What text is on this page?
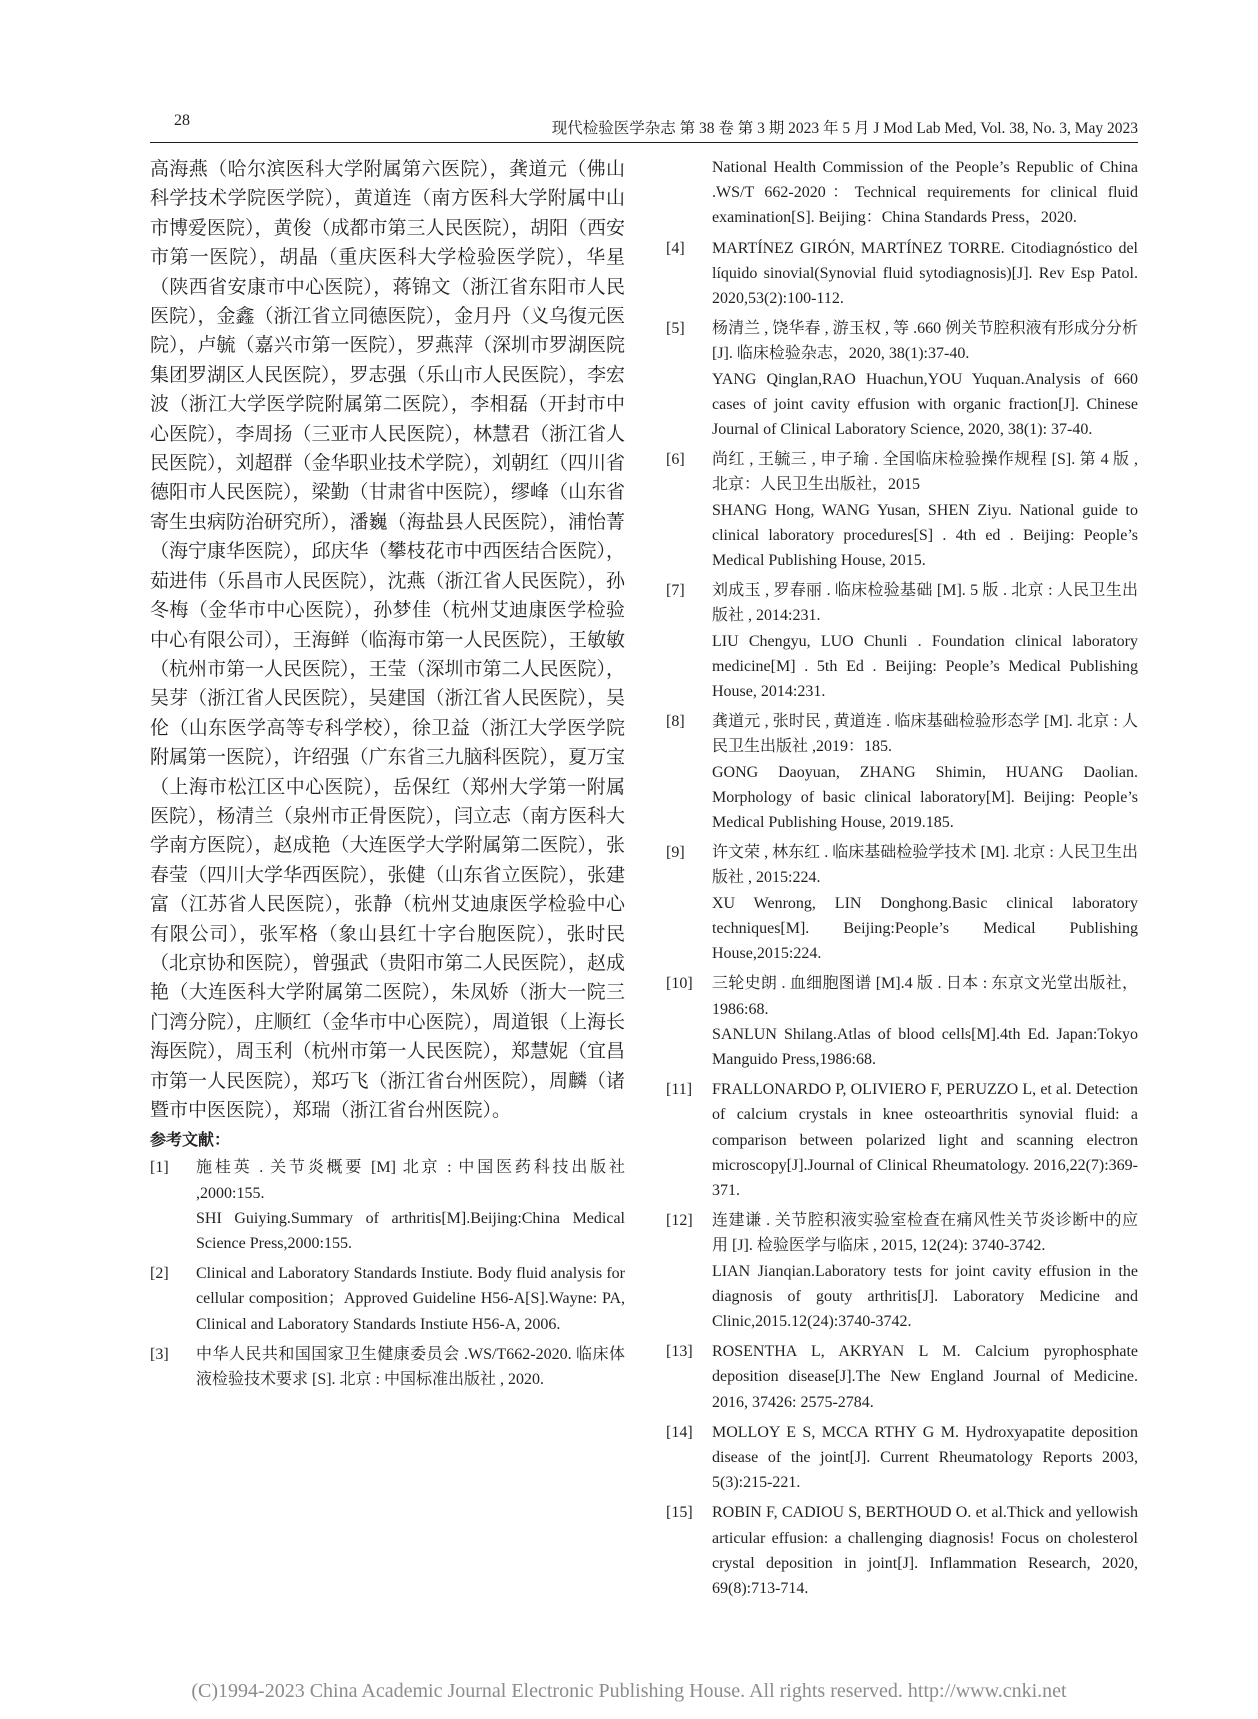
28	现代检验医学杂志 第 38 卷 第 3 期 2023 年 5 月 J Mod Lab Med, Vol. 38, No. 3, May 2023

高海燕（哈尔滨医科大学附属第六医院），龚道元（佛山科学技术学院医学院），黄道连（南方医科大学附属中山市博爱医院），黄俊（成都市第三人民医院），胡阳（西安市第一医院），胡晶（重庆医科大学检验医学院），华星（陕西省安康市中心医院），蒋锦文（浙江省东阳市人民医院），金鑫（浙江省立同德医院），金月丹（义乌復元医院），卢毓（嘉兴市第一医院），罗燕萍（深圳市罗湖医院集团罗湖区人民医院），罗志强（乐山市人民医院），李宏波（浙江大学医学院附属第二医院），李相磊（开封市中心医院），李周扬（三亚市人民医院），林慧君（浙江省人民医院），刘超群（金华职业技术学院），刘朝红（四川省德阳市人民医院），梁勤（甘肃省中医院），缪峰（山东省寄生虫病防治研究所），潘巍（海盐县人民医院），浦怡菁（海宁康华医院），邱庆华（攀枝花市中西医结合医院），茹进伟（乐昌市人民医院），沈燕（浙江省人民医院），孙冬梅（金华市中心医院），孙梦佳（杭州艾迪康医学检验中心有限公司），王海鲜（临海市第一人民医院），王敏敏（杭州市第一人民医院），王莹（深圳市第二人民医院），吴芽（浙江省人民医院），吴建国（浙江省人民医院），吴伦（山东医学高等专科学校），徐卫益（浙江大学医学院附属第一医院），许绍强（广东省三九脑科医院），夏万宝（上海市松江区中心医院），岳保红（郑州大学第一附属医院），杨清兰（泉州市正骨医院），闫立志（南方医科大学南方医院），赵成艳（大连医学大学附属第二医院），张春莹（四川大学华西医院），张健（山东省立医院），张建富（江苏省人民医院），张静（杭州艾迪康医学检验中心有限公司），张军格（象山县红十字台胞医院），张时民（北京协和医院），曾强武（贵阳市第二人民医院），赵成艳（大连医科大学附属第二医院），朱凤娇（浙大一院三门湾分院），庄顺红（金华市中心医院），周道银（上海长海医院），周玉利（杭州市第一人民医院），郑慧妮（宜昌市第一人民医院），郑巧飞（浙江省台州医院），周麟（诸暨市中医医院），郑瑞（浙江省台州医院）。

参考文献：
[1] 施桂英 . 关节炎概要 [M] 北京 : 中国医药科技出版社 ,2000:155.
SHI Guiying.Summary of arthritis[M].Beijing:China Medical Science Press,2000:155.
[2] Clinical and Laboratory Standards Instiute. Body fluid analysis for cellular composition；Approved Guideline H56-A[S].Wayne: PA, Clinical and Laboratory Standards Instiute H56-A, 2006.
[3] 中华人民共和国国家卫生健康委员会 .WS/T662-2020. 临床体液检验技术要求 [S]. 北京 : 中国标准出版社 , 2020.
National Health Commission of the People’s Republic of China .WS/T 662-2020：Technical requirements for clinical fluid examination[S]. Beijing：China Standards Press，2020.
[4] MARTÍNEZ GIRÓN, MARTÍNEZ TORRE. Citodiagnóstico del líquido sinovial(Synovial fluid sytodiagnosis)[J]. Rev Esp Patol. 2020,53(2):100-112.
[5] 杨清兰 , 饶华春 , 游玉权 , 等 .660 例关节腔积液有形成分分析 [J]. 临床检验杂志，2020, 38(1):37-40.
YANG Qinglan,RAO Huachun,YOU Yuquan.Analysis of 660 cases of joint cavity effusion with organic fraction[J]. Chinese Journal of Clinical Laboratory Science, 2020, 38(1): 37-40.
[6] 尚红 , 王毓三 , 申子瑜 . 全国临床检验操作规程 [S]. 第 4 版 , 北京：人民卫生出版社，2015
SHANG Hong, WANG Yusan, SHEN Ziyu. National guide to clinical laboratory procedures[S] . 4th ed . Beijing: People’s Medical Publishing House, 2015.
[7] 刘成玉 , 罗春丽 . 临床检验基础 [M]. 5 版 . 北京 : 人民卫生出版社 , 2014:231.
LIU Chengyu, LUO Chunli . Foundation clinical laboratory medicine[M] . 5th Ed . Beijing: People’s Medical Publishing House, 2014:231.
[8] 龚道元 , 张时民 , 黄道连 . 临床基础检验形态学 [M]. 北京 : 人民卫生出版社 ,2019：185.
GONG Daoyuan, ZHANG Shimin, HUANG Daolian. Morphology of basic clinical laboratory[M]. Beijing: People’s Medical Publishing House, 2019.185.
[9] 许文荣 , 林东红 . 临床基础检验学技术 [M]. 北京 : 人民卫生出版社 , 2015:224.
XU Wenrong, LIN Donghong.Basic clinical laboratory techniques[M]. Beijing:People’s Medical Publishing House,2015:224.
[10] 三轮史朗 . 血细胞图谱 [M].4 版 . 日本 : 东京文光堂出版社，1986:68.
SANLUN Shilang.Atlas of blood cells[M].4th Ed. Japan:Tokyo Manguido Press,1986:68.
[11] FRALLONARDO P, OLIVIERO F, PERUZZO L, et al. Detection of calcium crystals in knee osteoarthritis synovial fluid: a comparison between polarized light and scanning electron microscopy[J].Journal of Clinical Rheumatology. 2016,22(7):369-371.
[12] 连建谦 . 关节腔积液实验室检查在痛风性关节炎诊断中的应用 [J]. 检验医学与临床 , 2015, 12(24): 3740-3742.
LIAN Jianqian.Laboratory tests for joint cavity effusion in the diagnosis of gouty arthritis[J]. Laboratory Medicine and Clinic,2015.12(24):3740-3742.
[13] ROSENTHA L, AKRYAN L M. Calcium pyrophosphate deposition disease[J].The New England Journal of Medicine. 2016, 37426: 2575-2784.
[14] MOLLOY E S, MCCA RTHY G M. Hydroxyapatite deposition disease of the joint[J]. Current Rheumatology Reports 2003, 5(3):215-221.
[15] ROBIN F, CADIOU S, BERTHOUD O. et al.Thick and yellowish articular effusion: a challenging diagnosis! Focus on cholesterol crystal deposition in joint[J]. Inflammation Research, 2020, 69(8):713-714.
(C)1994-2023 China Academic Journal Electronic Publishing House. All rights reserved. http://www.cnki.net
